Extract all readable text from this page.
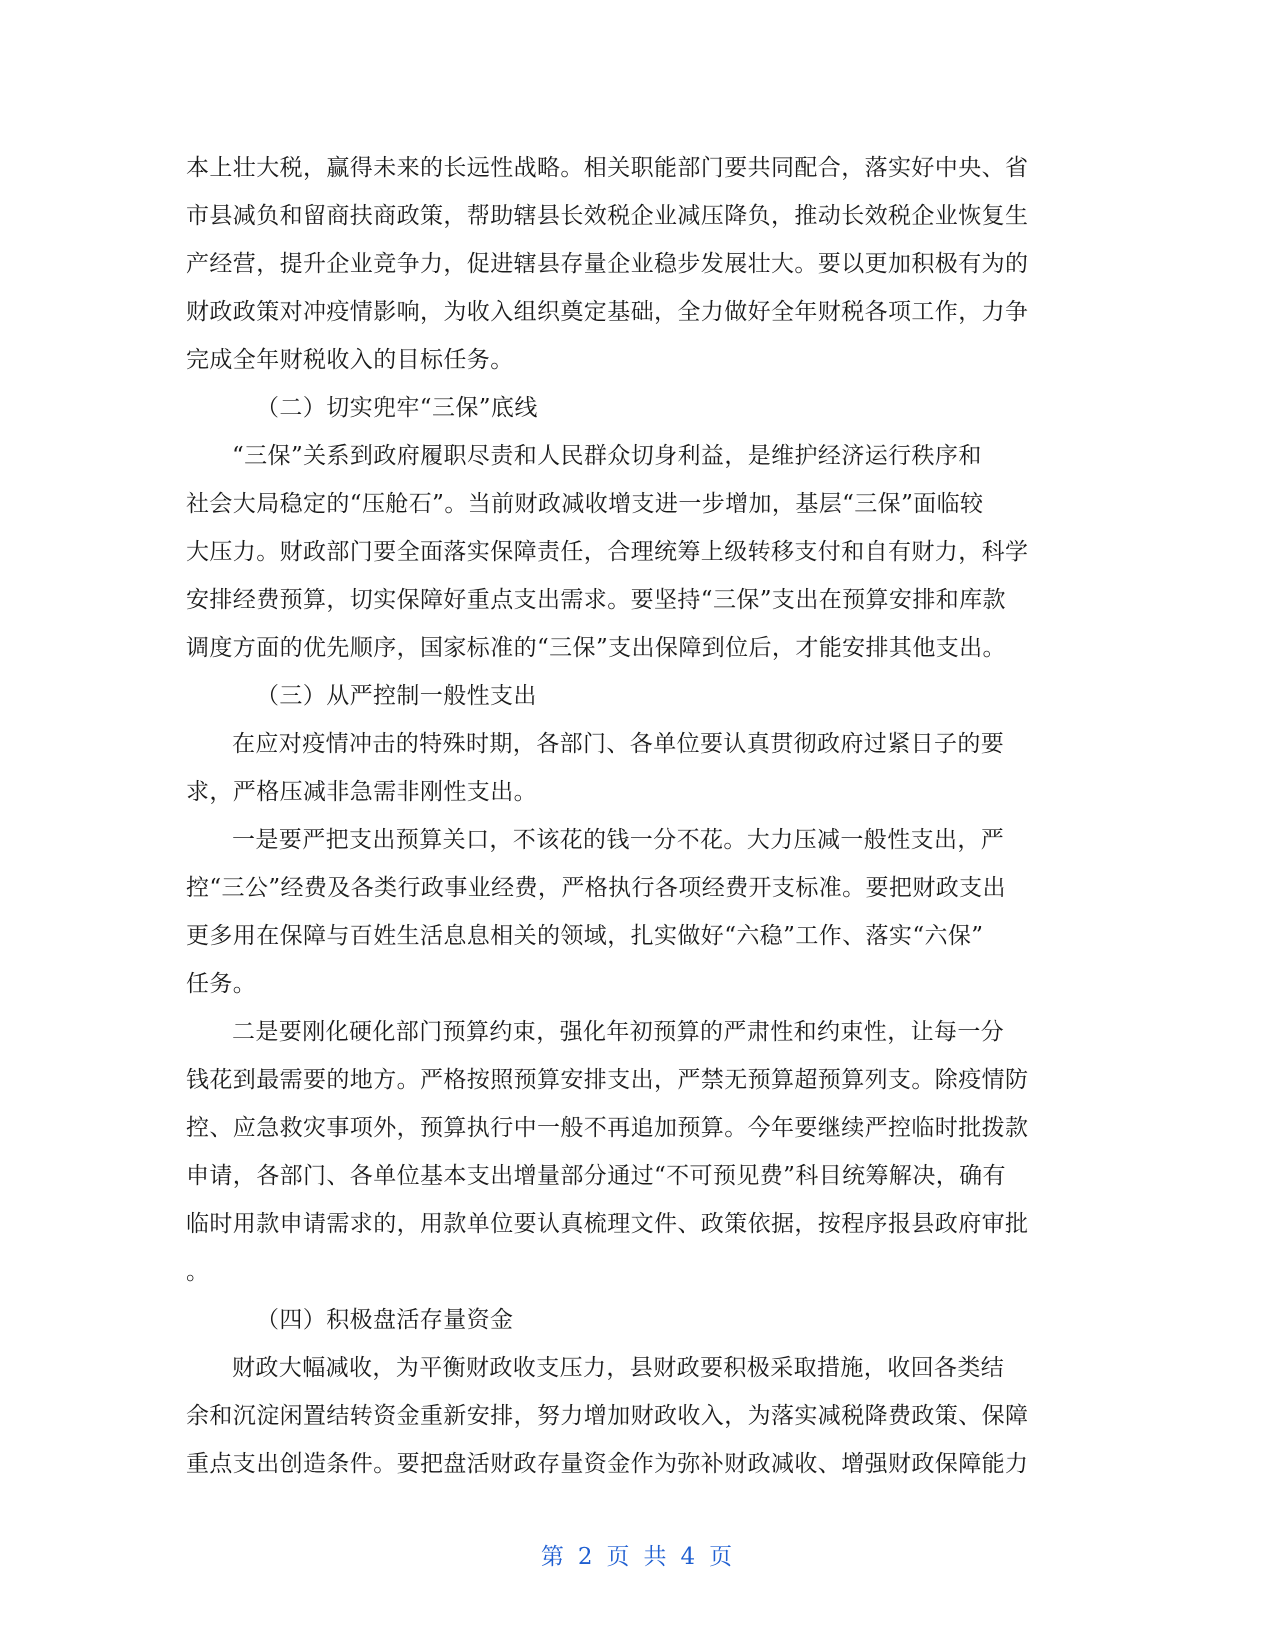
本上壮大税，赢得未来的长远性战略。相关职能部门要共同配合，落实好中央、省
市县减负和留商扶商政策，帮助辖县长效税企业减压降负，推动长效税企业恢复生
产经营，提升企业竞争力，促进辖县存量企业稳步发展壮大。要以更加积极有为的
财政政策对冲疫情影响，为收入组织奠定基础，全力做好全年财税各项工作，力争
完成全年财税收入的目标任务。
（二）切实兜牢“三保”底线
“三保”关系到政府履职尽责和人民群众切身利益，是维护经济运行秩序和
社会大局稳定的“压舱石”。当前财政减收增支进一步增加，基层“三保”面临较
大压力。财政部门要全面落实保障责任，合理统筹上级转移支付和自有财力，科学
安排经费预算，切实保障好重点支出需求。要坚持“三保”支出在预算安排和库款
调度方面的优先顺序，国家标准的“三保”支出保障到位后，才能安排其他支出。
（三）从严控制一般性支出
在应对疫情冲击的特殊时期，各部门、各单位要认真贯彻政府过紧日子的要
求，严格压减非急需非刚性支出。
一是要严把支出预算关口，不该花的钱一分不花。大力压减一般性支出，严
控“三公”经费及各类行政事业经费，严格执行各项经费开支标准。要把财政支出
更多用在保障与百姓生活息息相关的领域，扎实做好“六稳”工作、落实“六保”
任务。
二是要刚化硬化部门预算约束，强化年初预算的严肃性和约束性，让每一分
钱花到最需要的地方。严格按照预算安排支出，严禁无预算超预算列支。除疫情防
控、应急救灾事项外，预算执行中一般不再追加预算。今年要继续严控临时批拨款
申请，各部门、各单位基本支出增量部分通过“不可预见费”科目统筹解决，确有
临时用款申请需求的，用款单位要认真梳理文件、政策依据，按程序报县政府审批
。
（四）积极盘活存量资金
财政大幅减收，为平衡财政收支压力，县财政要积极采取措施，收回各类结
余和沉淀闲置结转资金重新安排，努力增加财政收入，为落实减税降费政策、保障
重点支出创造条件。要把盘活财政存量资金作为弥补财政减收、增强财政保障能力
第 2 页 共 4 页
